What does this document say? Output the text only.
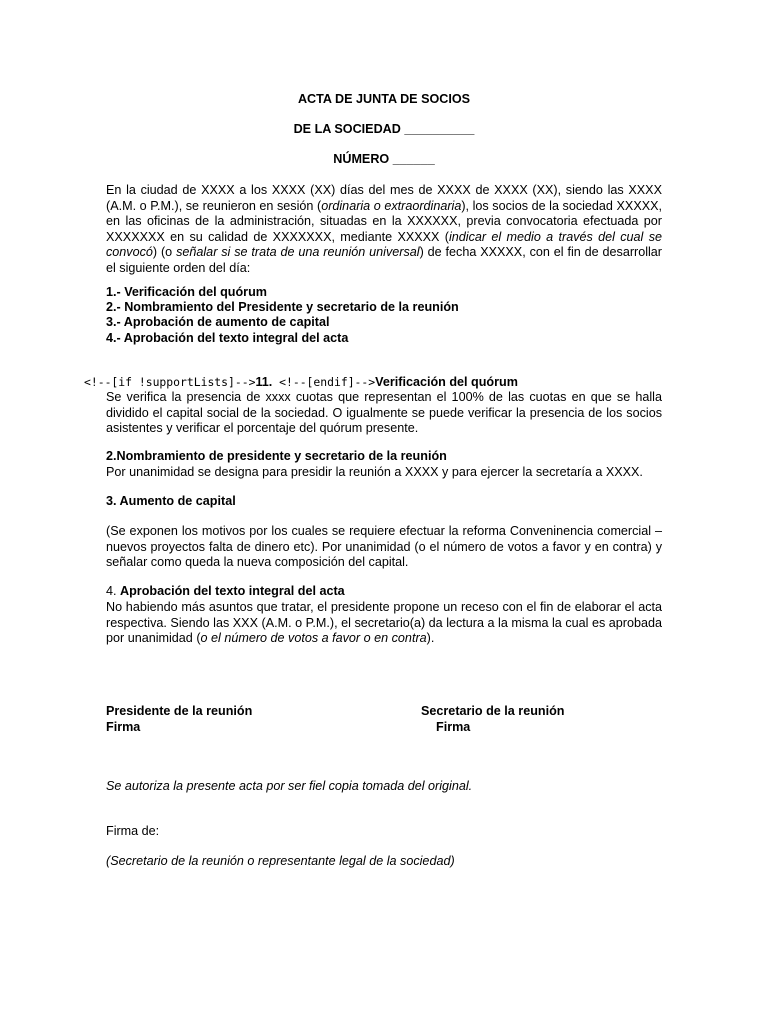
ACTA DE JUNTA DE SOCIOS
DE LA SOCIEDAD __________
NÚMERO ______
En la ciudad de XXXX a los XXXX (XX) días del mes de XXXX de XXXX (XX), siendo las XXXX (A.M. o P.M.), se reunieron en sesión (ordinaria o extraordinaria), los socios de la sociedad XXXXX, en las oficinas de la administración, situadas en la XXXXXX, previa convocatoria efectuada por XXXXXXX en su calidad de XXXXXXX, mediante XXXXX (indicar el medio a través del cual se convocó) (o señalar si se trata de una reunión universal) de fecha XXXXX, con el fin de desarrollar el siguiente orden del día:
1.- Verificación del quórum
2.- Nombramiento del Presidente y secretario de la reunión
3.- Aprobación de aumento de capital
4.- Aprobación del texto integral del acta
<!--[if !supportLists]-->11. <!--[endif]-->Verificación del quórum
Se verifica la presencia de xxxx cuotas que representan el 100% de las cuotas en que se halla dividido el capital social de la sociedad. O igualmente se puede verificar la presencia de los socios asistentes y verificar el porcentaje del quórum presente.
2.Nombramiento de presidente y secretario de la reunión
Por unanimidad se designa para presidir la reunión a XXXX y para ejercer la secretaría a XXXX.
3. Aumento de capital
(Se exponen los motivos por los cuales se requiere efectuar la reforma Conveninencia comercial – nuevos proyectos falta de dinero etc). Por unanimidad (o el número de votos a favor y en contra) y señalar como queda la nueva composición del capital.
4. Aprobación del texto integral del acta
No habiendo más asuntos que tratar, el presidente propone un receso con el fin de elaborar el acta respectiva. Siendo las XXX (A.M. o P.M.), el secretario(a) da lectura a la misma la cual es aprobada por unanimidad (o el número de votos a favor o en contra).
Presidente de la reunión
Firma
Secretario de la reunión
Firma
Se autoriza la presente acta por ser fiel copia tomada del original.
Firma de:
(Secretario de la reunión o representante legal de la sociedad)
